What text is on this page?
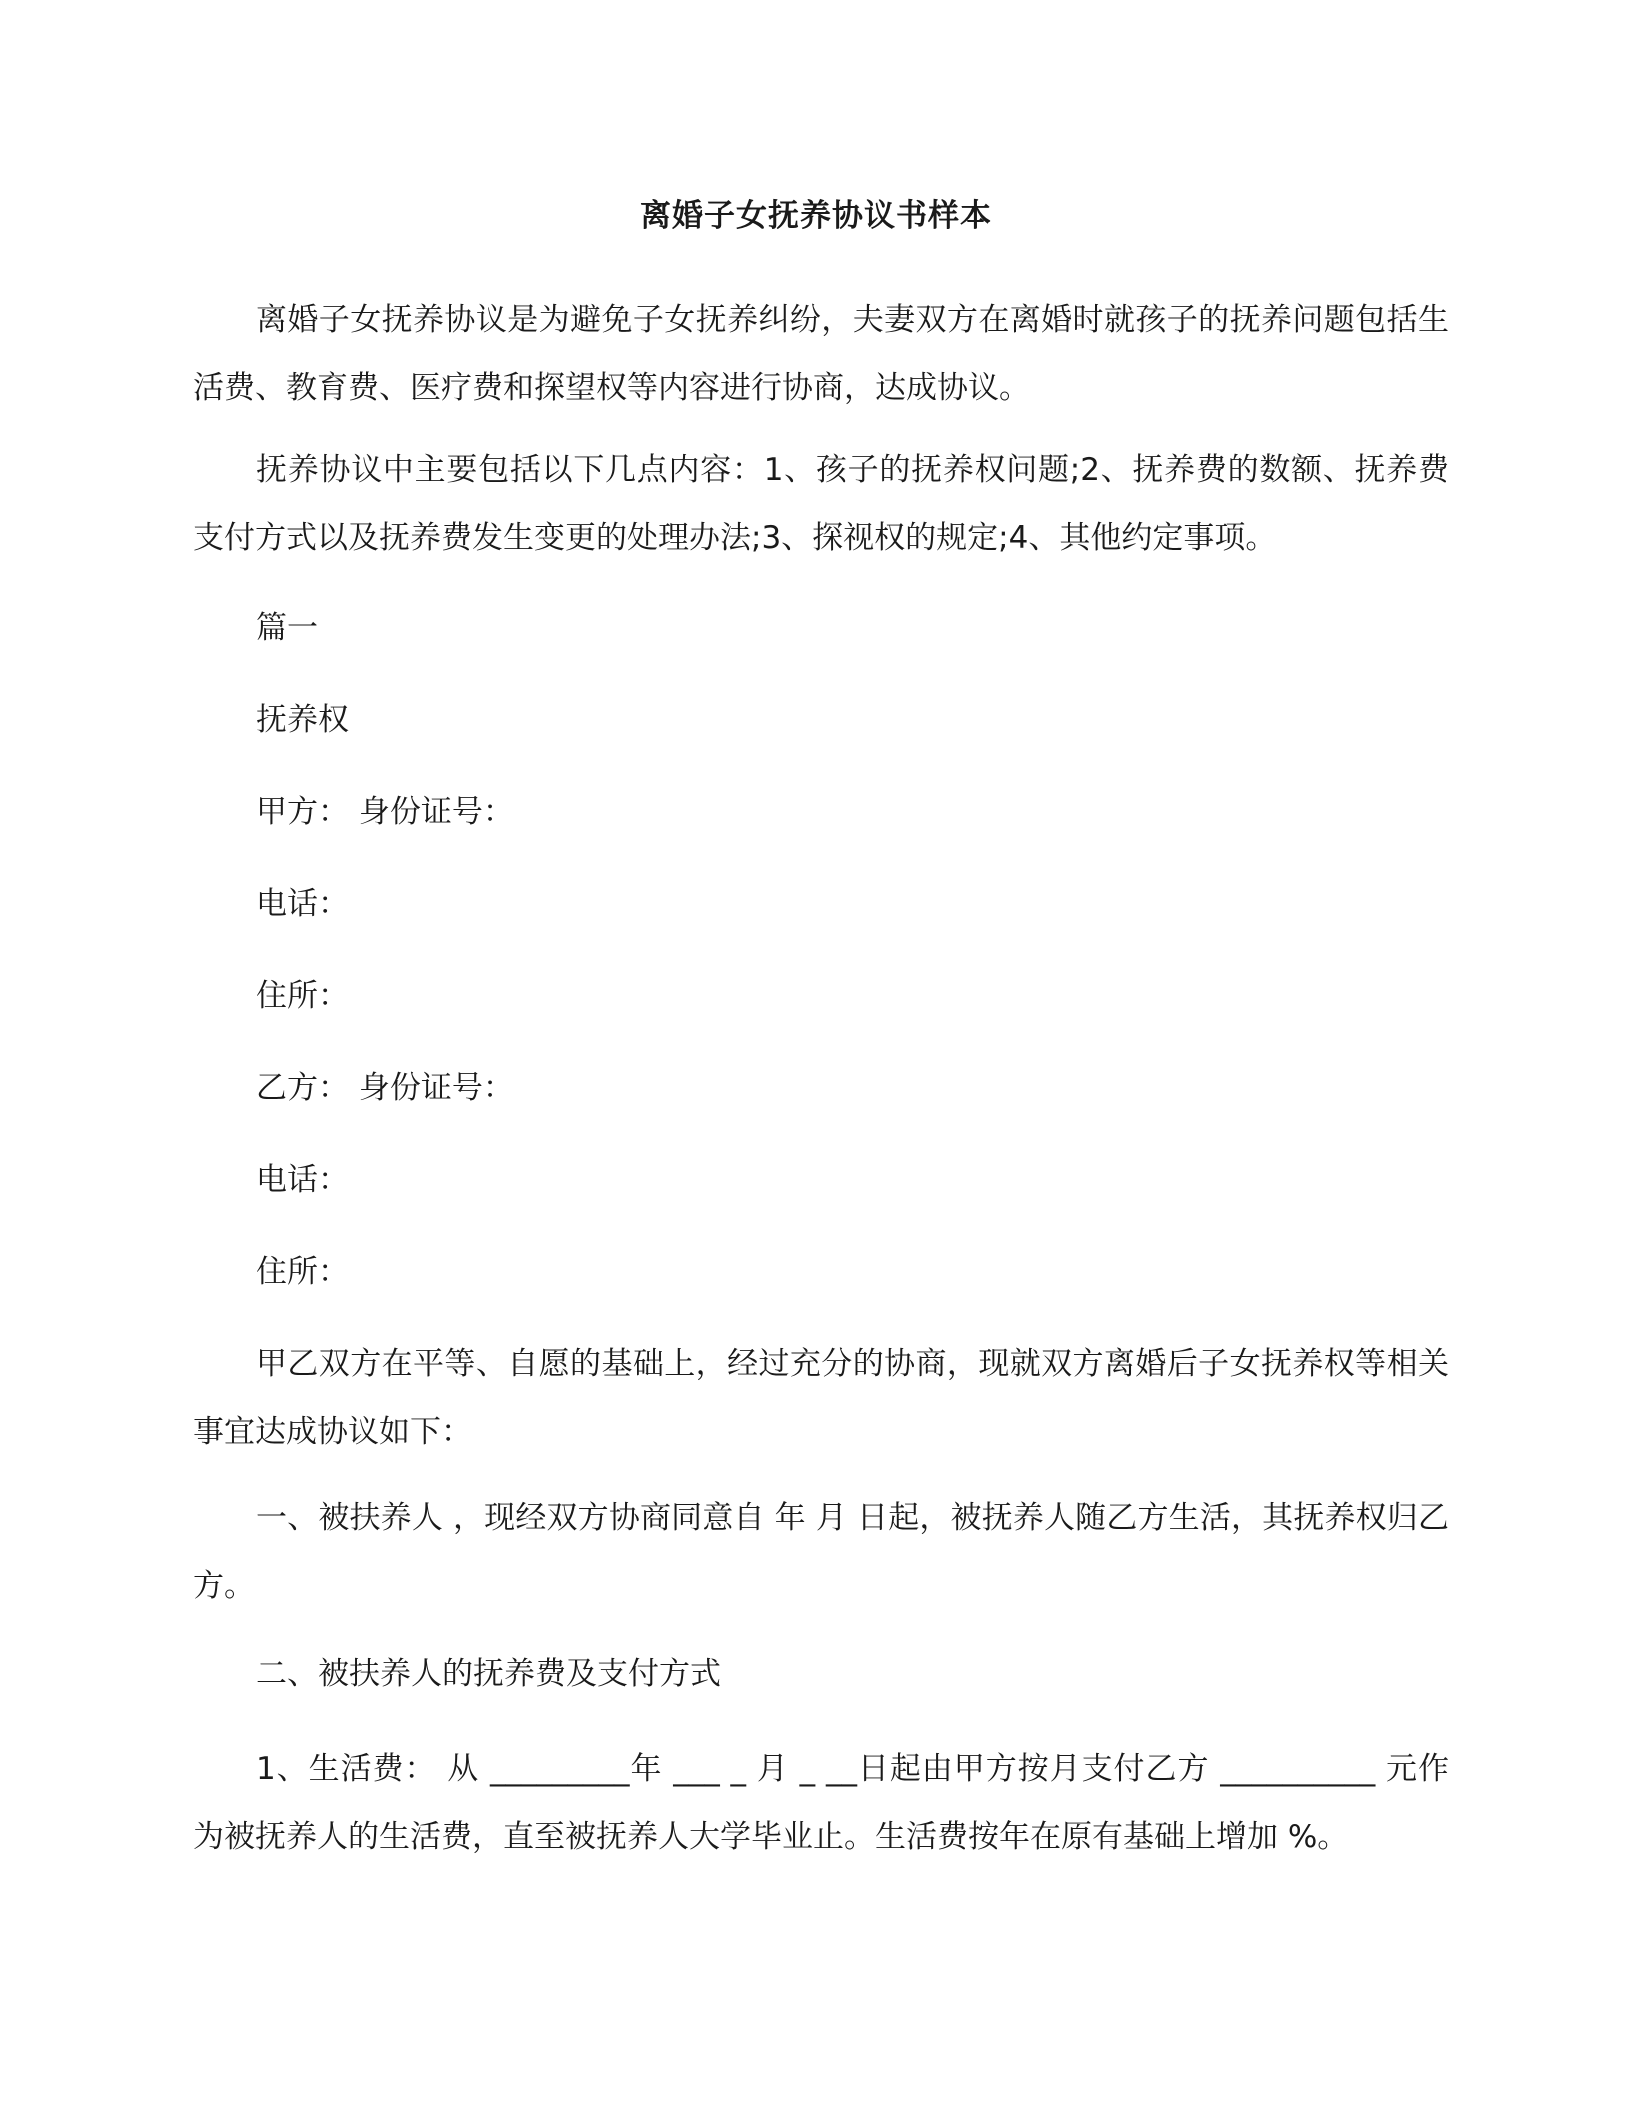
离婚子女抚养协议书样本

离婚子女抚养协议是为避免子女抚养纠纷，夫妻双方在离婚时就孩子的抚养问题包括生活费、教育费、医疗费和探望权等内容进行协商，达成协议。

抚养协议中主要包括以下几点内容：1、孩子的抚养权问题;2、抚养费的数额、抚养费支付方式以及抚养费发生变更的处理办法;3、探视权的规定;4、其他约定事项。

篇一

抚养权

甲方： 身份证号：

电话：

住所：

乙方： 身份证号：

电话：

住所：

甲乙双方在平等、自愿的基础上，经过充分的协商，现就双方离婚后子女抚养权等相关事宜达成协议如下：

一、被扶养人 ，现经双方协商同意自 年 月 日起，被抚养人随乙方生活，其抚养权归乙方。

二、被扶养人的抚养费及支付方式

1、生活费： 从 _________年 ___ _ 月 _ __日起由甲方按月支付乙方 __________ 元作为被抚养人的生活费，直至被抚养人大学毕业止。生活费按年在原有基础上增加 %。
